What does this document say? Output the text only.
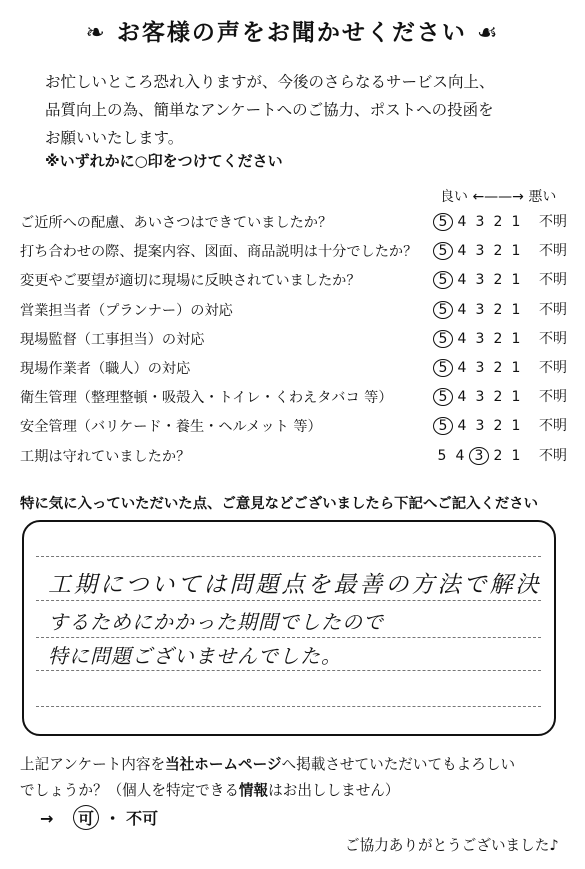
❧ お客様の声をお聞かせください ☙
お忙しいところ恐れ入りますが、今後のさらなるサービス向上、
品質向上の為、簡単なアンケートへのご協力、ポストへの投函を
お願いいたします。
※いずれかに○印をつけてください
良い ←——→ 悪い
ご近所への配慮、あいさつはできていましたか？	5 4 3 2 1 不明
打ち合わせの際、提案内容、図面、商品説明は十分でしたか？	5 4 3 2 1 不明
変更やご要望が適切に現場に反映されていましたか？	5 4 3 2 1 不明
営業担当者（プランナー）の対応	5 4 3 2 1 不明
現場監督（工事担当）の対応	5 4 3 2 1 不明
現場作業者（職人）の対応	5 4 3 2 1 不明
衛生管理（整理整頓・吸殻入・トイレ・くわえタバコ 等）	5 4 3 2 1 不明
安全管理（バリケード・養生・ヘルメット 等）	5 4 3 2 1 不明
工期は守れていましたか？	5 4 3 2 1 不明
特に気に入っていただいた点、ご意見などございましたら下記へご記入ください
工期については問題点を最善の方法で解決
するためにかかった期間でしたので
特に問題ございませんでした。
上記アンケート内容を当社ホームページへ掲載させていただいてもよろしい
でしょうか？（個人を特定できる情報はお出ししません）
→ 可 ・ 不可
ご協力ありがとうございました♪
